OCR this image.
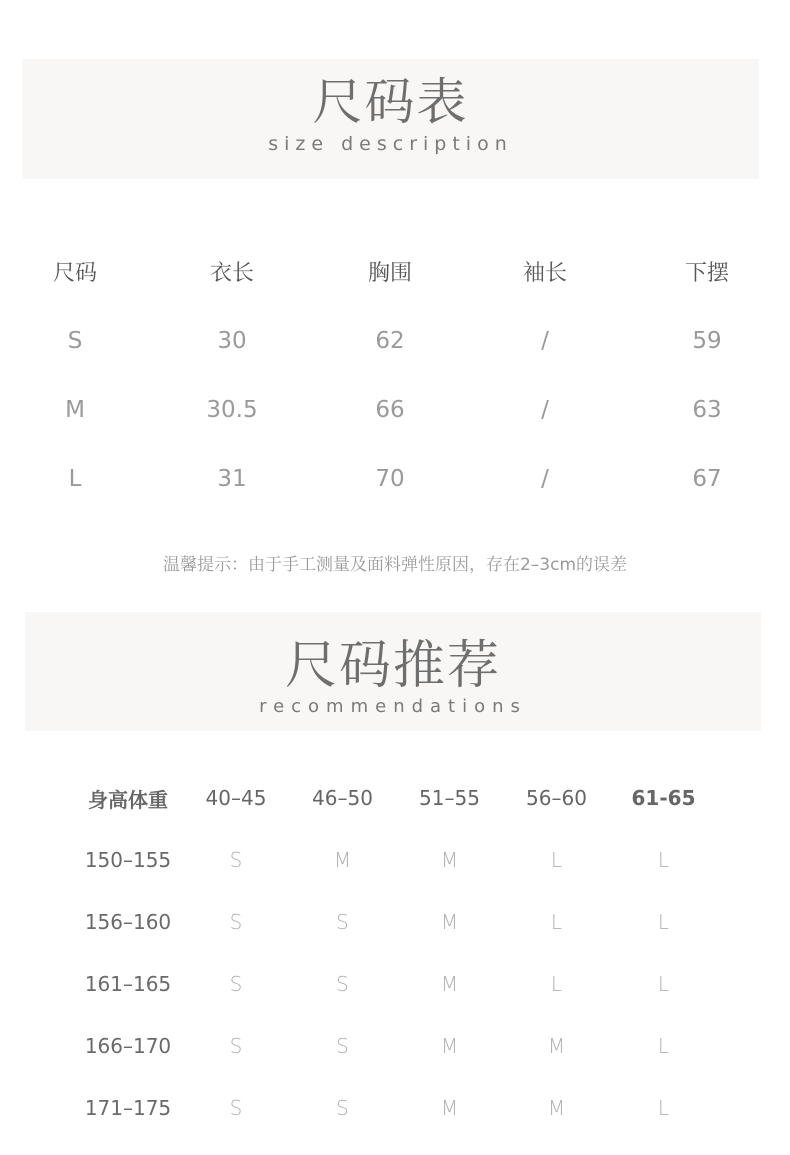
尺码表
size description
尺码	衣长	胸围	袖长	下摆
S	30	62	/	59
M	30.5	66	/	63
L	31	70	/	67
温馨提示：由于手工测量及面料弹性原因，存在2–3cm的误差
尺码推荐
recommendations
身高体重	40–45	46–50	51–55	56–60	61-65
150–155	S	M	M	L	L
156–160	S	S	M	L	L
161–165	S	S	M	L	L
166–170	S	S	M	M	L
171–175	S	S	M	M	L
